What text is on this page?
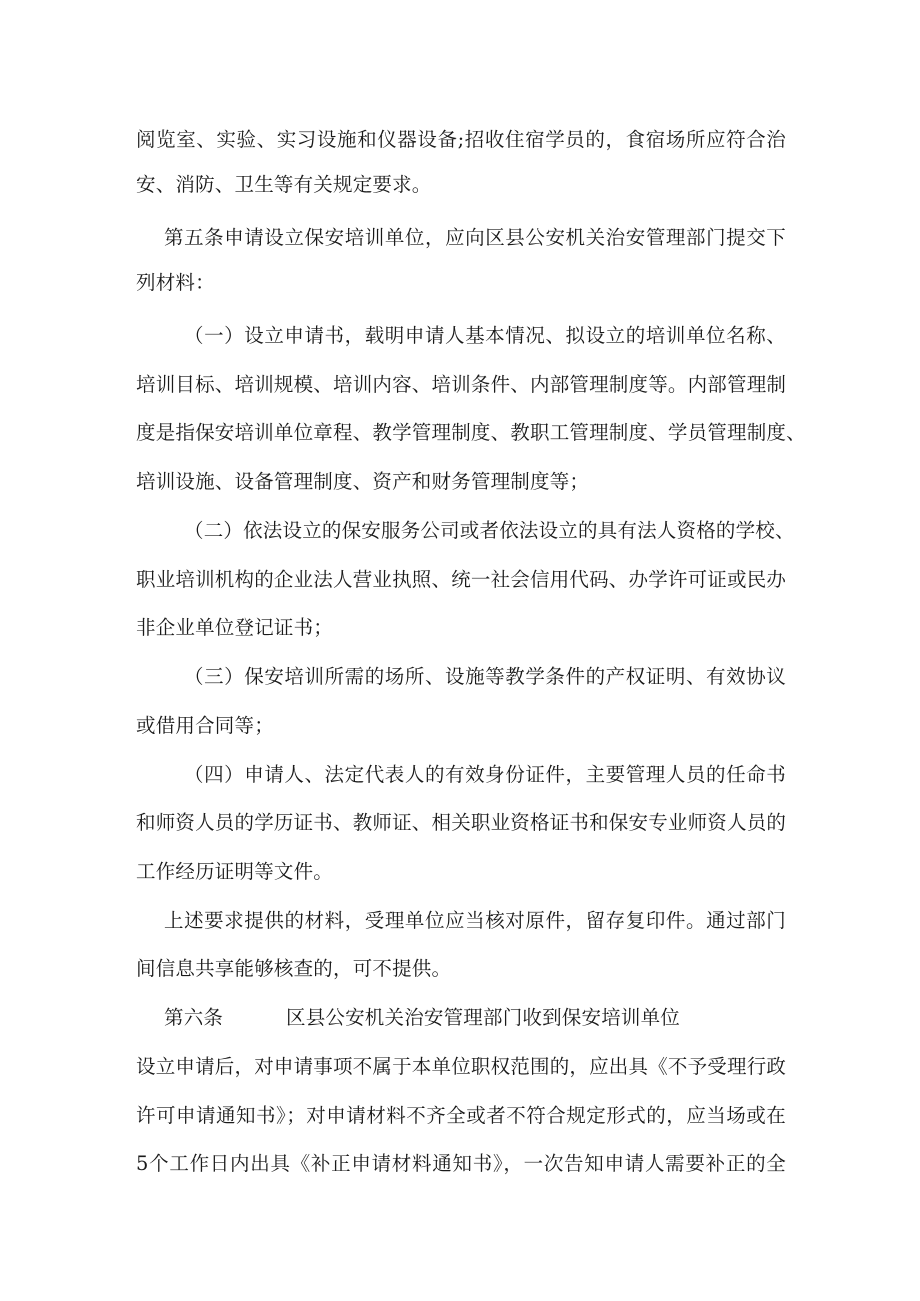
阅览室、实验、实习设施和仪器设备;招收住宿学员的，食宿场所应符合治
安、消防、卫生等有关规定要求。
第五条申请设立保安培训单位，应向区县公安机关治安管理部门提交下
列材料：
（一）设立申请书，载明申请人基本情况、拟设立的培训单位名称、
培训目标、培训规模、培训内容、培训条件、内部管理制度等。内部管理制
度是指保安培训单位章程、教学管理制度、教职工管理制度、学员管理制度、
培训设施、设备管理制度、资产和财务管理制度等；
（二）依法设立的保安服务公司或者依法设立的具有法人资格的学校、
职业培训机构的企业法人营业执照、统一社会信用代码、办学许可证或民办
非企业单位登记证书；
（三）保安培训所需的场所、设施等教学条件的产权证明、有效协议
或借用合同等；
（四）申请人、法定代表人的有效身份证件，主要管理人员的任命书
和师资人员的学历证书、教师证、相关职业资格证书和保安专业师资人员的
工作经历证明等文件。
上述要求提供的材料，受理单位应当核对原件，留存复印件。通过部门
间信息共享能够核查的，可不提供。
第六条	区县公安机关治安管理部门收到保安培训单位
设立申请后，对申请事项不属于本单位职权范围的，应出具《不予受理行政
许可申请通知书》；对申请材料不齐全或者不符合规定形式的，应当场或在
5个工作日内出具《补正申请材料通知书》，一次告知申请人需要补正的全
